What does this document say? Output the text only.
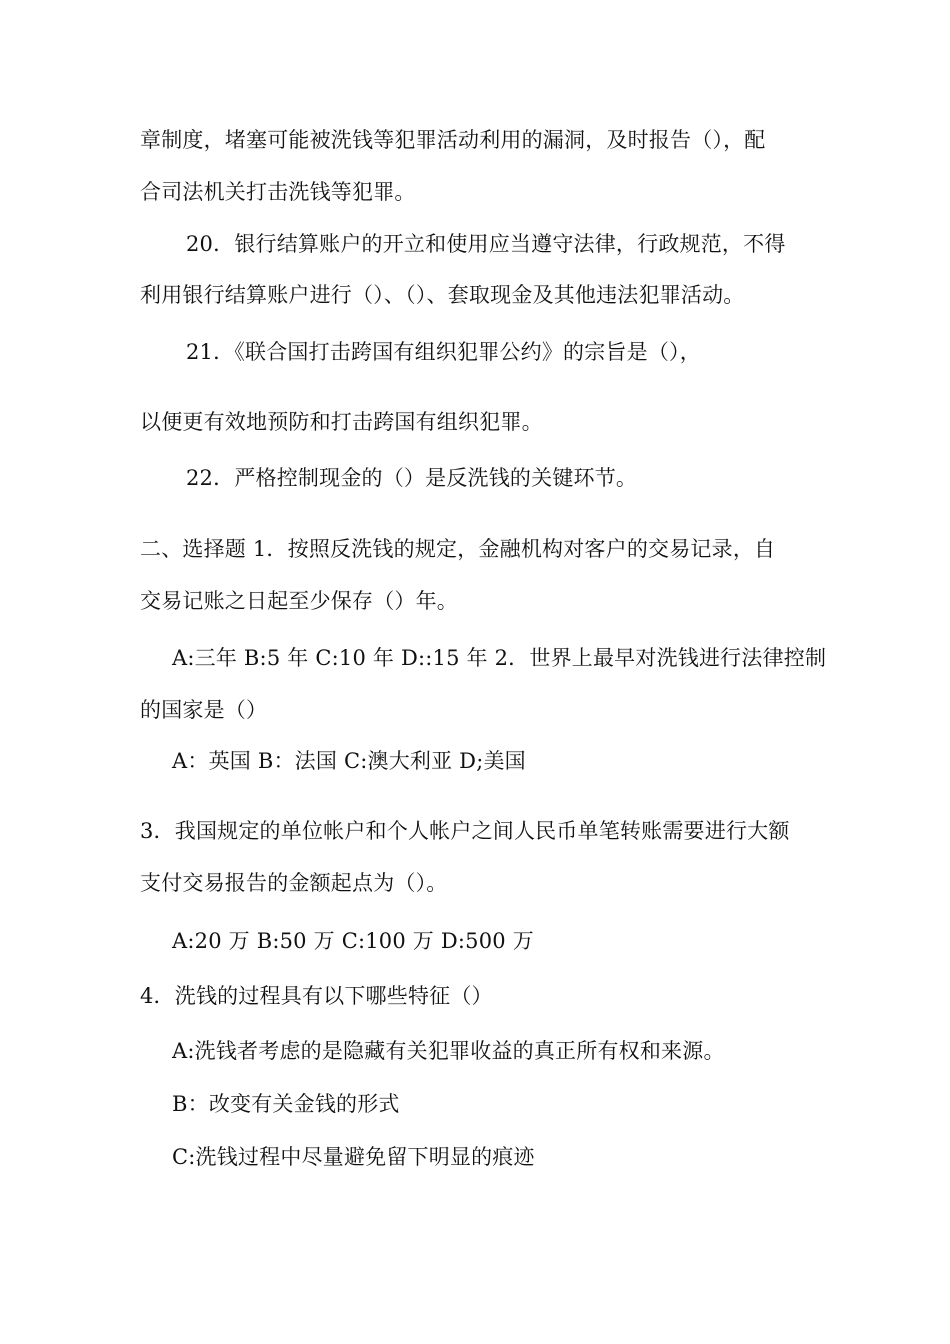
章制度，堵塞可能被洗钱等犯罪活动利用的漏洞，及时报告（），配
合司法机关打击洗钱等犯罪。
20．银行结算账户的开立和使用应当遵守法律，行政规范，不得
利用银行结算账户进行（）、（）、套取现金及其他违法犯罪活动。
21．《联合国打击跨国有组织犯罪公约》的宗旨是（），
以便更有效地预防和打击跨国有组织犯罪。
22．严格控制现金的（）是反洗钱的关键环节。
二、选择题 1．按照反洗钱的规定，金融机构对客户的交易记录，自
交易记账之日起至少保存（）年。
A:三年 B:5 年 C:10 年 D::15 年 2．世界上最早对洗钱进行法律控制
的国家是（）
A：英国 B：法国 C:澳大利亚 D;美国
3．我国规定的单位帐户和个人帐户之间人民币单笔转账需要进行大额
支付交易报告的金额起点为（）。
A:20 万 B:50 万 C:100 万 D:500 万
4．洗钱的过程具有以下哪些特征（）
A:洗钱者考虑的是隐藏有关犯罪收益的真正所有权和来源。
B：改变有关金钱的形式
C:洗钱过程中尽量避免留下明显的痕迹
